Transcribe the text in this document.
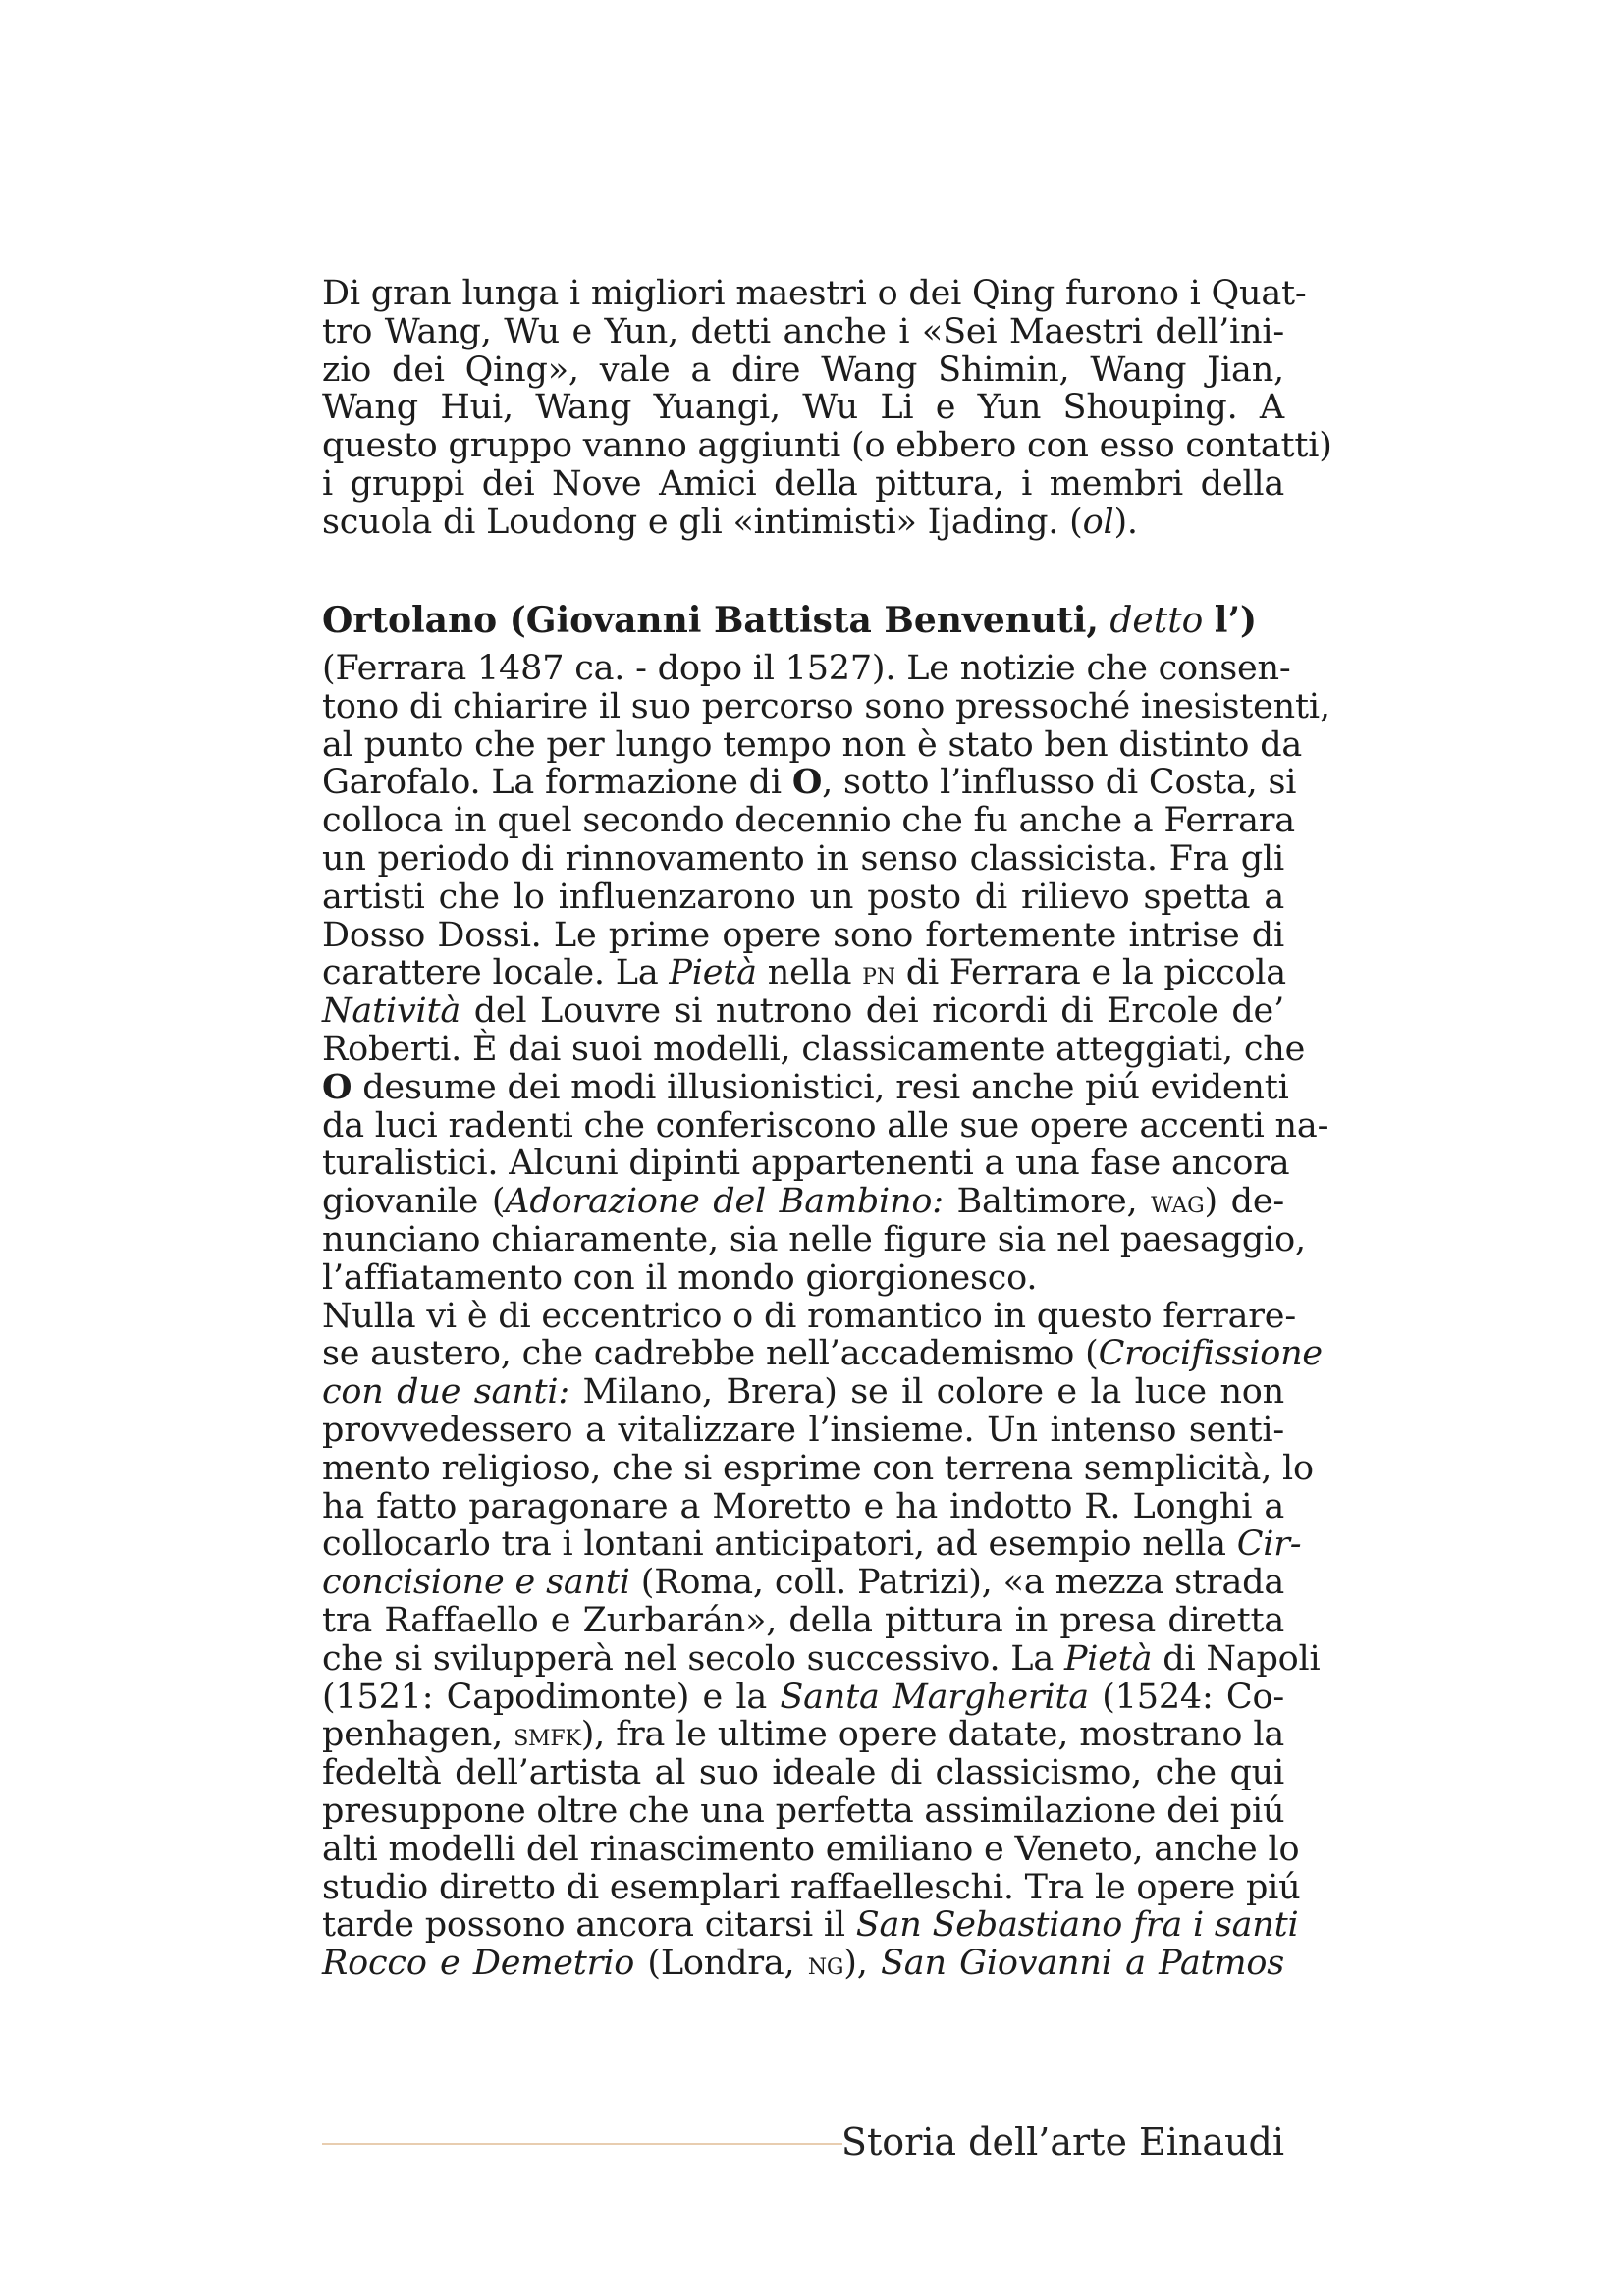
Di gran lunga i migliori maestri o dei Qing furono i Quat-
tro Wang, Wu e Yun, detti anche i «Sei Maestri dell’ini-
zio dei Qing», vale a dire Wang Shimin, Wang Jian,
Wang Hui, Wang Yuangi, Wu Li e Yun Shouping. A
questo gruppo vanno aggiunti (o ebbero con esso contatti)
i gruppi dei Nove Amici della pittura, i membri della
scuola di Loudong e gli «intimisti» Ijading. (ol).
Ortolano (Giovanni Battista Benvenuti, detto l’)
(Ferrara 1487 ca. - dopo il 1527). Le notizie che consen-
tono di chiarire il suo percorso sono pressoché inesistenti,
al punto che per lungo tempo non è stato ben distinto da
Garofalo. La formazione di O, sotto l’influsso di Costa, si
colloca in quel secondo decennio che fu anche a Ferrara
un periodo di rinnovamento in senso classicista. Fra gli
artisti che lo influenzarono un posto di rilievo spetta a
Dosso Dossi. Le prime opere sono fortemente intrise di
carattere locale. La Pietà nella pn di Ferrara e la piccola
Natività del Louvre si nutrono dei ricordi di Ercole de’
Roberti. È dai suoi modelli, classicamente atteggiati, che
O desume dei modi illusionistici, resi anche piú evidenti
da luci radenti che conferiscono alle sue opere accenti na-
turalistici. Alcuni dipinti appartenenti a una fase ancora
giovanile (Adorazione del Bambino: Baltimore, wag) de-
nunciano chiaramente, sia nelle figure sia nel paesaggio,
l’affiatamento con il mondo giorgionesco.
Nulla vi è di eccentrico o di romantico in questo ferrare-
se austero, che cadrebbe nell’accademismo (Crocifissione
con due santi: Milano, Brera) se il colore e la luce non
provvedessero a vitalizzare l’insieme. Un intenso senti-
mento religioso, che si esprime con terrena semplicità, lo
ha fatto paragonare a Moretto e ha indotto R. Longhi a
collocarlo tra i lontani anticipatori, ad esempio nella Cir-
concisione e santi (Roma, coll. Patrizi), «a mezza strada
tra Raffaello e Zurbarán», della pittura in presa diretta
che si svilupperà nel secolo successivo. La Pietà di Napoli
(1521: Capodimonte) e la Santa Margherita (1524: Co-
penhagen, smfk), fra le ultime opere datate, mostrano la
fedeltà dell’artista al suo ideale di classicismo, che qui
presuppone oltre che una perfetta assimilazione dei piú
alti modelli del rinascimento emiliano e Veneto, anche lo
studio diretto di esemplari raffaelleschi. Tra le opere piú
tarde possono ancora citarsi il San Sebastiano fra i santi
Rocco e Demetrio (Londra, ng), San Giovanni a Patmos
Storia dell’arte Einaudi
